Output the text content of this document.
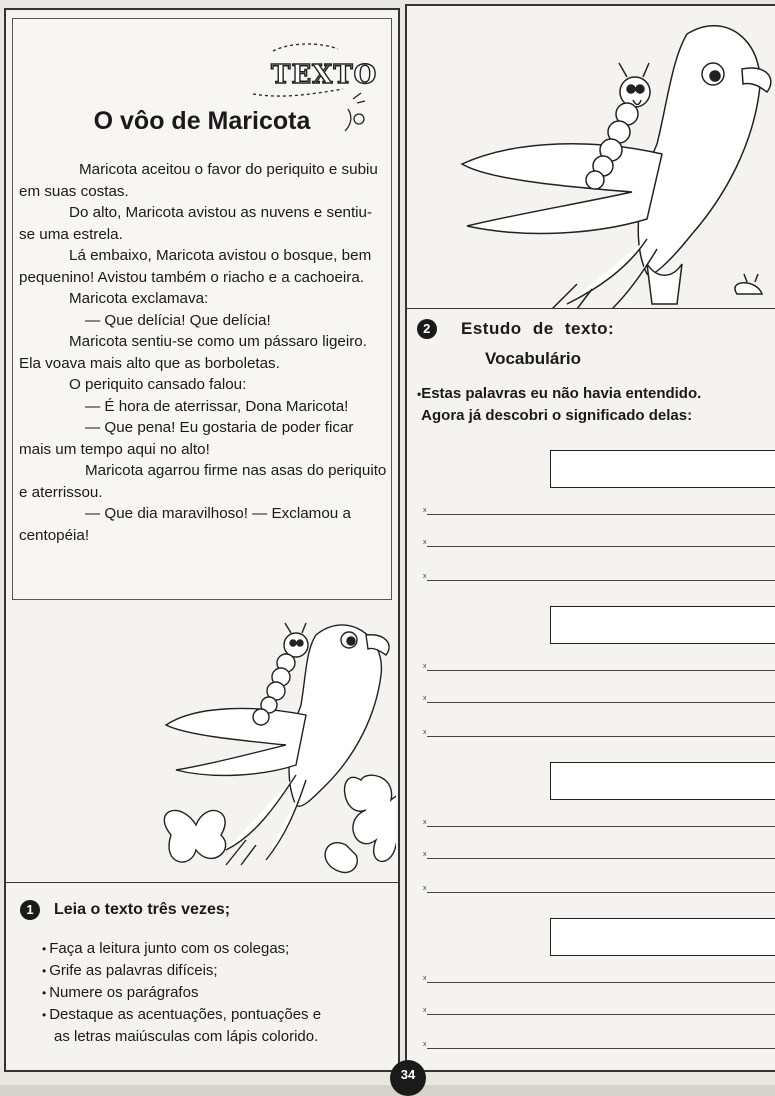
TEXTO
O vôo de Maricota

Maricota aceitou o favor do periquito e subiu em suas costas.

Do alto, Maricota avistou as nuvens e sentiu-se uma estrela.

Lá embaixo, Maricota avistou o bosque, bem pequenino! Avistou também o riacho e a cachoeira.

Maricota exclamava:

— Que delícia! Que delícia!

Maricota sentiu-se como um pássaro ligeiro. Ela voava mais alto que as borboletas.

O periquito cansado falou:

— É hora de aterrissar, Dona Maricota!

— Que pena! Eu gostaria de poder ficar mais um tempo aqui no alto!

Maricota agarrou firme nas asas do periquito e aterrissou.

— Que dia maravilhoso! — Exclamou a centopéia!

1 Leia o texto três vezes;
• Faça a leitura junto com os colegas;
• Grife as palavras difíceis;
• Numere os parágrafos
• Destaque as acentuações, pontuações e
as letras maiúsculas com lápis colorido.
2 Estudo de texto:
Vocabulário
•Estas palavras eu não havia entendido.
Agora já descobri o significado delas:
x
x
x
x
x
x
x
x
x
x
x
x
34
